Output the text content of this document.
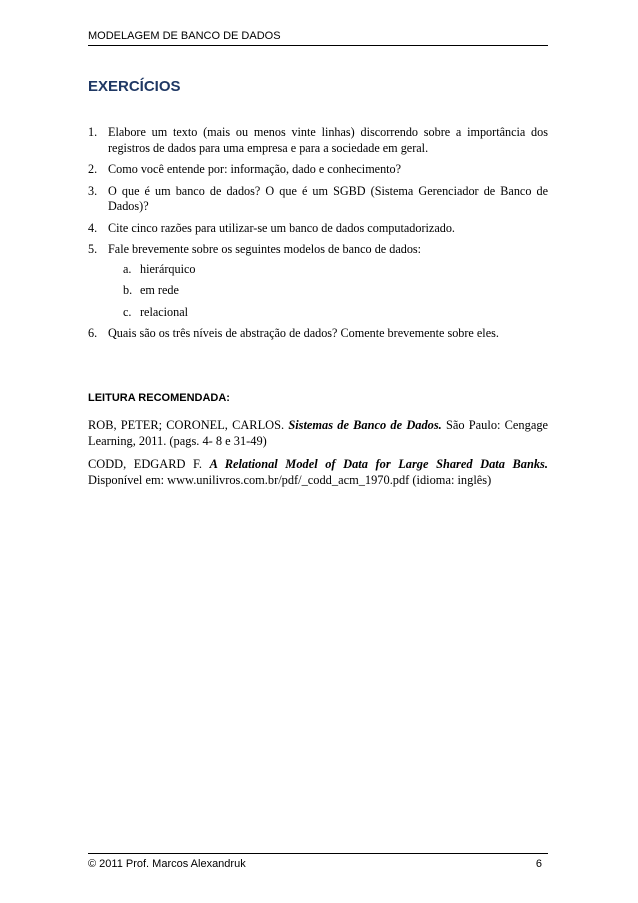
MODELAGEM DE BANCO DE DADOS
EXERCÍCIOS
1. Elabore um texto (mais ou menos vinte linhas) discorrendo sobre a importância dos registros de dados para uma empresa e para a sociedade em geral.
2. Como você entende por: informação, dado e conhecimento?
3. O que é um banco de dados? O que é um SGBD (Sistema Gerenciador de Banco de Dados)?
4. Cite cinco razões para utilizar-se um banco de dados computadorizado.
5. Fale brevemente sobre os seguintes modelos de banco de dados:
a. hierárquico
b. em rede
c. relacional
6. Quais são os três níveis de abstração de dados? Comente brevemente sobre eles.
LEITURA RECOMENDADA:

ROB, PETER; CORONEL, CARLOS. Sistemas de Banco de Dados. São Paulo: Cengage Learning, 2011. (pags. 4- 8 e 31-49)

CODD, EDGARD F. A Relational Model of Data for Large Shared Data Banks. Disponível em: www.unilivros.com.br/pdf/_codd_acm_1970.pdf (idioma: inglês)

© 2011 Prof. Marcos Alexandruk	6
